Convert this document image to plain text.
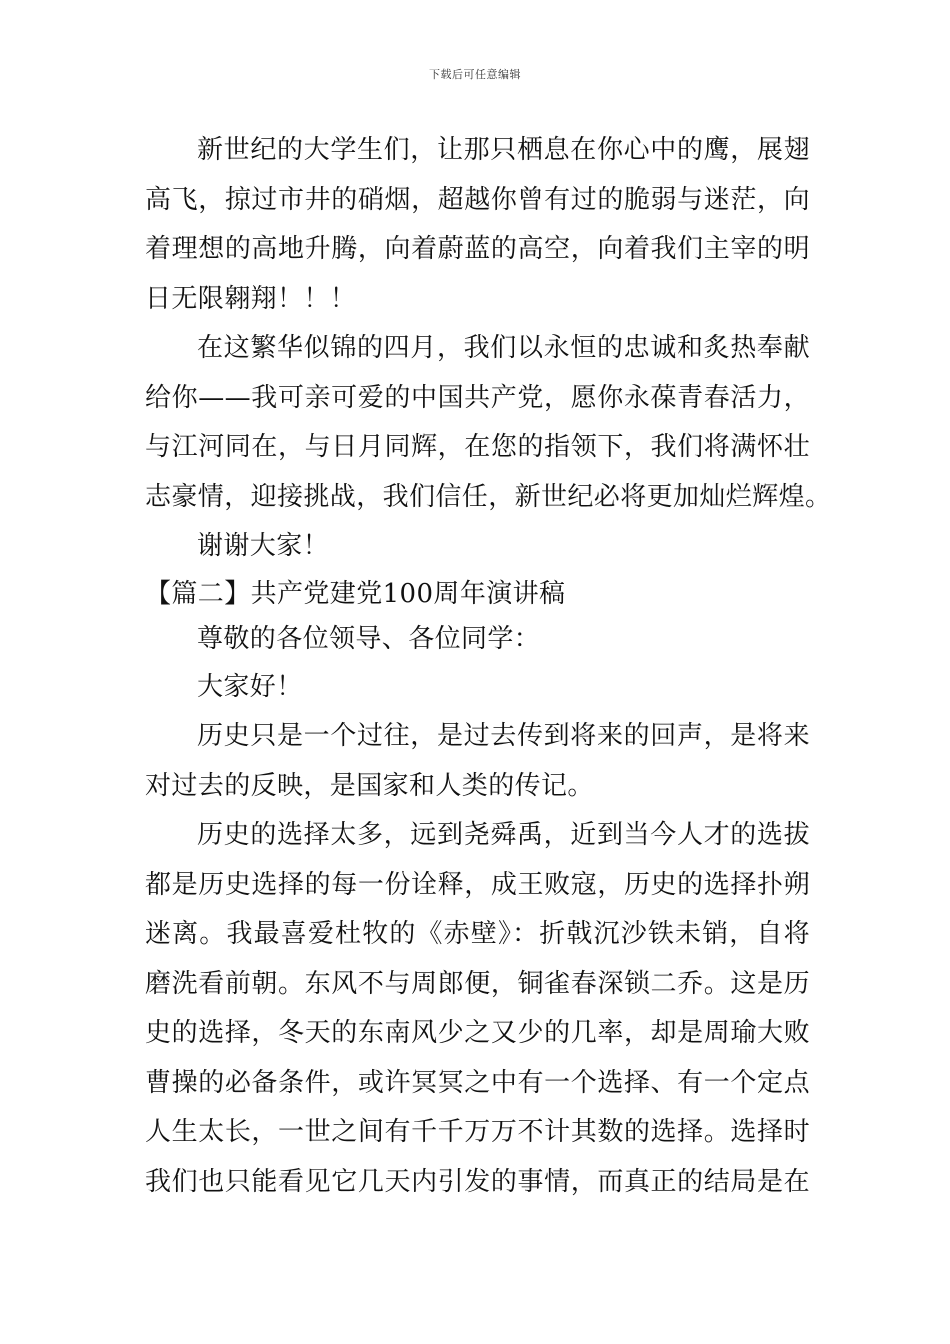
下载后可任意编辑
新世纪的大学生们，让那只栖息在你心中的鹰，展翅
高飞，掠过市井的硝烟，超越你曾有过的脆弱与迷茫，向
着理想的高地升腾，向着蔚蓝的高空，向着我们主宰的明
日无限翱翔！！！
在这繁华似锦的四月，我们以永恒的忠诚和炙热奉献
给你——我可亲可爱的中国共产党，愿你永葆青春活力，
与江河同在，与日月同辉，在您的指领下，我们将满怀壮
志豪情，迎接挑战，我们信任，新世纪必将更加灿烂辉煌。
谢谢大家！
【篇二】共产党建党100周年演讲稿
尊敬的各位领导、各位同学：
大家好！
历史只是一个过往，是过去传到将来的回声，是将来
对过去的反映，是国家和人类的传记。
历史的选择太多，远到尧舜禹，近到当今人才的选拔
都是历史选择的每一份诠释，成王败寇，历史的选择扑朔
迷离。我最喜爱杜牧的《赤壁》：折戟沉沙铁未销，自将
磨洗看前朝。东风不与周郎便，铜雀春深锁二乔。这是历
史的选择，冬天的东南风少之又少的几率，却是周瑜大败
曹操的必备条件，或许冥冥之中有一个选择、有一个定点
人生太长，一世之间有千千万万不计其数的选择。选择时
我们也只能看见它几天内引发的事情，而真正的结局是在
